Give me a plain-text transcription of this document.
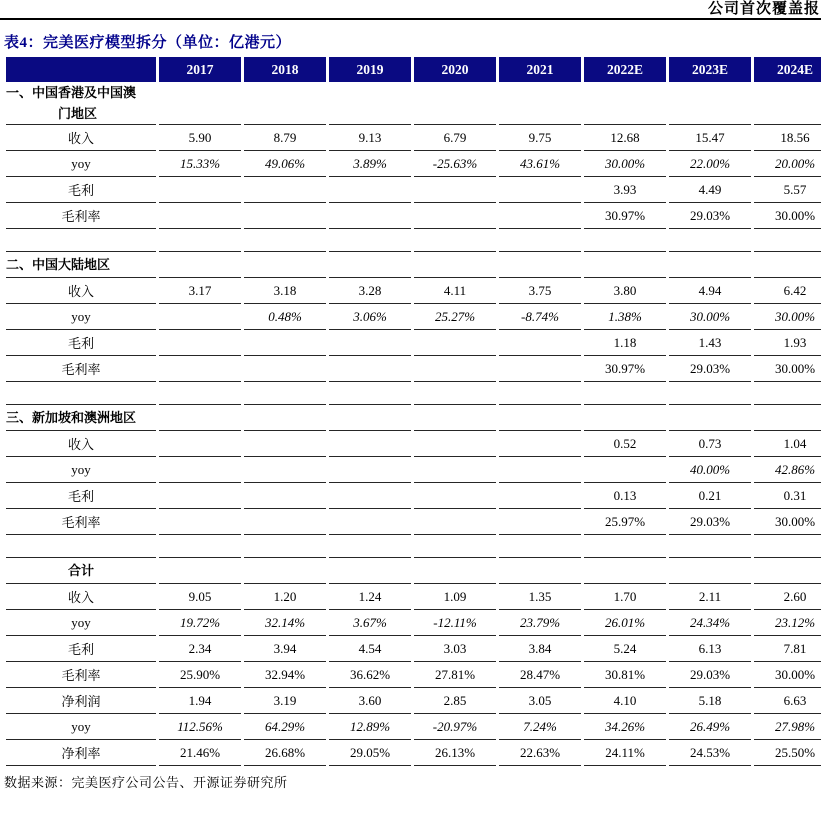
公司首次覆盖报
表4：完美医疗模型拆分（单位：亿港元）
	2017	2018	2019	2020	2021	2022E	2023E	2024E
一、中国香港及中国澳门地区								
收入	5.90	8.79	9.13	6.79	9.75	12.68	15.47	18.56
yoy	15.33%	49.06%	3.89%	-25.63%	43.61%	30.00%	22.00%	20.00%
毛利						3.93	4.49	5.57
毛利率						30.97%	29.03%	30.00%

二、中国大陆地区								
收入	3.17	3.18	3.28	4.11	3.75	3.80	4.94	6.42
yoy		0.48%	3.06%	25.27%	-8.74%	1.38%	30.00%	30.00%
毛利						1.18	1.43	1.93
毛利率						30.97%	29.03%	30.00%

三、新加坡和澳洲地区								
收入						0.52	0.73	1.04
yoy							40.00%	42.86%
毛利						0.13	0.21	0.31
毛利率						25.97%	29.03%	30.00%

合计								
收入	9.05	1.20	1.24	1.09	1.35	1.70	2.11	2.60
yoy	19.72%	32.14%	3.67%	-12.11%	23.79%	26.01%	24.34%	23.12%
毛利	2.34	3.94	4.54	3.03	3.84	5.24	6.13	7.81
毛利率	25.90%	32.94%	36.62%	27.81%	28.47%	30.81%	29.03%	30.00%
净利润	1.94	3.19	3.60	2.85	3.05	4.10	5.18	6.63
yoy	112.56%	64.29%	12.89%	-20.97%	7.24%	34.26%	26.49%	27.98%
净利率	21.46%	26.68%	29.05%	26.13%	22.63%	24.11%	24.53%	25.50%
数据来源：完美医疗公司公告、开源证券研究所
